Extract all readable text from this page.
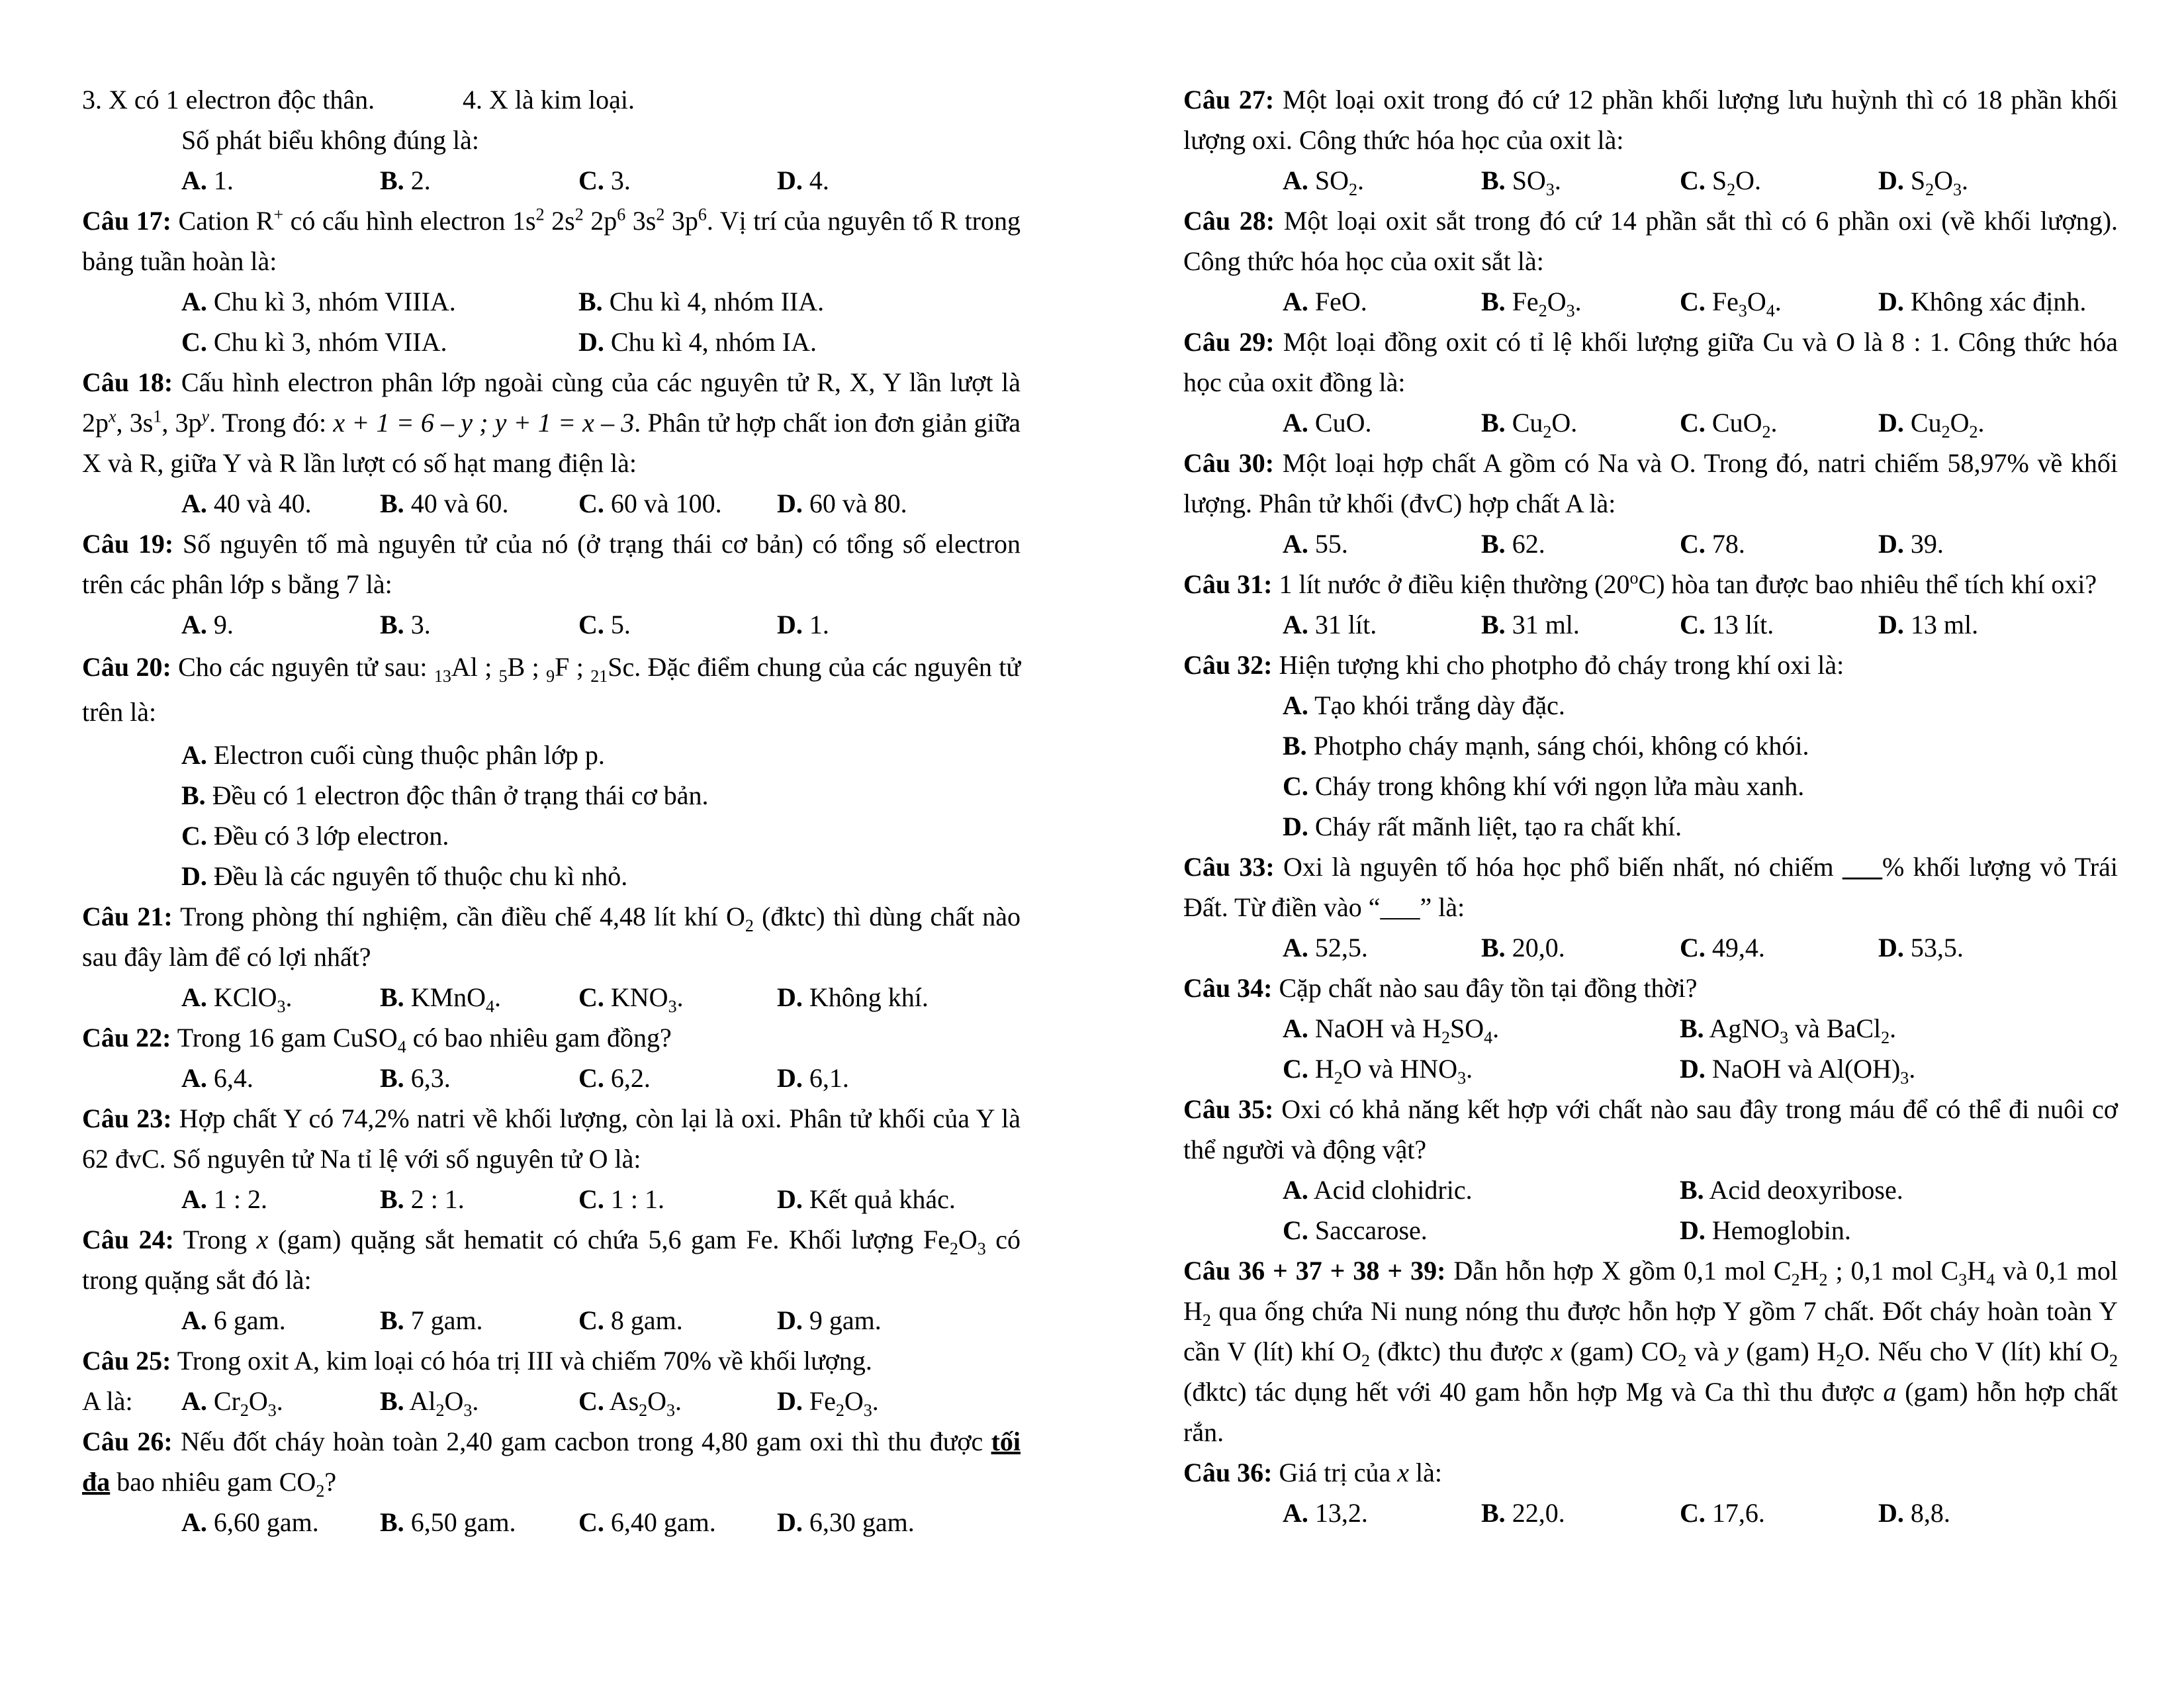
3. X có 1 electron độc thân.	4. X là kim loại.
Số phát biểu không đúng là:
A. 1.	B. 2.	C. 3.	D. 4.

Câu 17: Cation R+ có cấu hình electron $1s^2$ $2s^2$ $2p^6$ $3s^2$ $3p^6$. Vị trí của nguyên tố R trong bảng tuần hoàn là:

A. Chu kì 3, nhóm VIIIA.	B. Chu kì 4, nhóm IIA.
C. Chu kì 3, nhóm VIIA.	D. Chu kì 4, nhóm IA.

Câu 18: Cấu hình electron phân lớp ngoài cùng của các nguyên tử R, X, Y lần lượt là $2p^x$, $3s^1$, $3p^y$. Trong đó: x + 1 = 6 – y ; y + 1 = x – 3. Phân tử hợp chất ion đơn giản giữa X và R, giữa Y và R lần lượt có số hạt mang điện là:

A. 40 và 40.	B. 40 và 60.	C. 60 và 100.	D. 60 và 80.

Câu 19: Số nguyên tố mà nguyên tử của nó (ở trạng thái cơ bản) có tổng số electron trên các phân lớp s bằng 7 là:

A. 9.	B. 3.	C. 5.	D. 1.

Câu 20: Cho các nguyên tử sau: $_{13}$Al ; $_5$B ; $_9$F ; $_{21}$Sc. Đặc điểm chung của các nguyên tử trên là:

A. Electron cuối cùng thuộc phân lớp p.
B. Đều có 1 electron độc thân ở trạng thái cơ bản.
C. Đều có 3 lớp electron.
D. Đều là các nguyên tố thuộc chu kì nhỏ.

Câu 21: Trong phòng thí nghiệm, cần điều chế 4,48 lít khí $O_2$ (đktc) thì dùng chất nào sau đây làm để có lợi nhất?

A. KClO$_3$.	B. KMnO$_4$.	C. $KNO_3$.	D. Không khí.

Câu 22: Trong 16 gam CuSO$_4$ có bao nhiêu gam đồng?

A. 6,4.	B. 6,3.	C. 6,2.	D. 6,1.

Câu 23: Hợp chất Y có 74,2% natri về khối lượng, còn lại là oxi. Phân tử khối của Y là 62 đvC. Số nguyên tử Na tỉ lệ với số nguyên tử O là:

A. 1 : 2.	B. 2 : 1.	C. 1 : 1.	D. Kết quả khác.

Câu 24: Trong x (gam) quặng sắt hematit có chứa 5,6 gam Fe. Khối lượng $Fe_2O_3$ có trong quặng sắt đó là:

A. 6 gam.	B. 7 gam.	C. 8 gam.	D. 9 gam.

Câu 25: Trong oxit A, kim loại có hóa trị III và chiếm 70% về khối lượng.

A là:	A. $Cr_2O_3$.	B. $Al_2O_3$.	C. $As_2O_3$.	D. $Fe_2O_3$.

Câu 26: Nếu đốt cháy hoàn toàn 2,40 gam cacbon trong 4,80 gam oxi thì thu được tối đa bao nhiêu gam $CO_2$?

A. 6,60 gam.	B. 6,50 gam.	C. 6,40 gam.	D. 6,30 gam.

Câu 27: Một loại oxit trong đó cứ 12 phần khối lượng lưu huỳnh thì có 18 phần khối lượng oxi. Công thức hóa học của oxit là:

A. $SO_2$.	B. $SO_3$.	C. $S_2O$.	D. $S_2O_3$.

Câu 28: Một loại oxit sắt trong đó cứ 14 phần sắt thì có 6 phần oxi (về khối lượng). Công thức hóa học của oxit sắt là:

A. FeO.	B. $Fe_2O_3$.	C. $Fe_3O_4$.	D. Không xác định.

Câu 29: Một loại đồng oxit có tỉ lệ khối lượng giữa Cu và O là 8 : 1. Công thức hóa học của oxit đồng là:

A. CuO.	B. $Cu_2O$.	C. CuO$_2$.	D. $Cu_2O_2$.

Câu 30: Một loại hợp chất A gồm có Na và O. Trong đó, natri chiếm 58,97% về khối lượng. Phân tử khối (đvC) hợp chất A là:

A. 55.	B. 62.	C. 78.	D. 39.

Câu 31: 1 lít nước ở điều kiện thường (20$^o$C) hòa tan được bao nhiêu thể tích khí oxi?

A. 31 lít.	B. 31 ml.	C. 13 lít.	D. 13 ml.

Câu 32: Hiện tượng khi cho photpho đỏ cháy trong khí oxi là:

A. Tạo khói trắng dày đặc.
B. Photpho cháy mạnh, sáng chói, không có khói.
C. Cháy trong không khí với ngọn lửa màu xanh.
D. Cháy rất mãnh liệt, tạo ra chất khí.

Câu 33: Oxi là nguyên tố hóa học phổ biến nhất, nó chiếm ___% khối lượng vỏ Trái Đất. Từ điền vào “___” là:

A. 52,5.	B. 20,0.	C. 49,4.	D. 53,5.

Câu 34: Cặp chất nào sau đây tồn tại đồng thời?

A. NaOH và $H_2SO_4$.	B. AgNO$_3$ và BaCl$_2$.
C. $H_2O$ và $HNO_3$.	D. NaOH và $Al(OH)_3$.

Câu 35: Oxi có khả năng kết hợp với chất nào sau đây trong máu để có thể đi nuôi cơ thể người và động vật?

A. Acid clohidric.	B. Acid deoxyribose.
C. Saccarose.	D. Hemoglobin.

Câu 36 + 37 + 38 + 39: Dẫn hỗn hợp X gồm 0,1 mol $C_2H_2$ ; 0,1 mol $C_3H_4$ và 0,1 mol $H_2$ qua ống chứa Ni nung nóng thu được hỗn hợp Y gồm 7 chất. Đốt cháy hoàn toàn Y cần V (lít) khí $O_2$ (đktc) thu được x (gam) $CO_2$ và y (gam) $H_2O$. Nếu cho V (lít) khí $O_2$ (đktc) tác dụng hết với 40 gam hỗn hợp Mg và Ca thì thu được a (gam) hỗn hợp chất rắn.

Câu 36: Giá trị của x là:

A. 13,2.	B. 22,0.	C. 17,6.	D. 8,8.
